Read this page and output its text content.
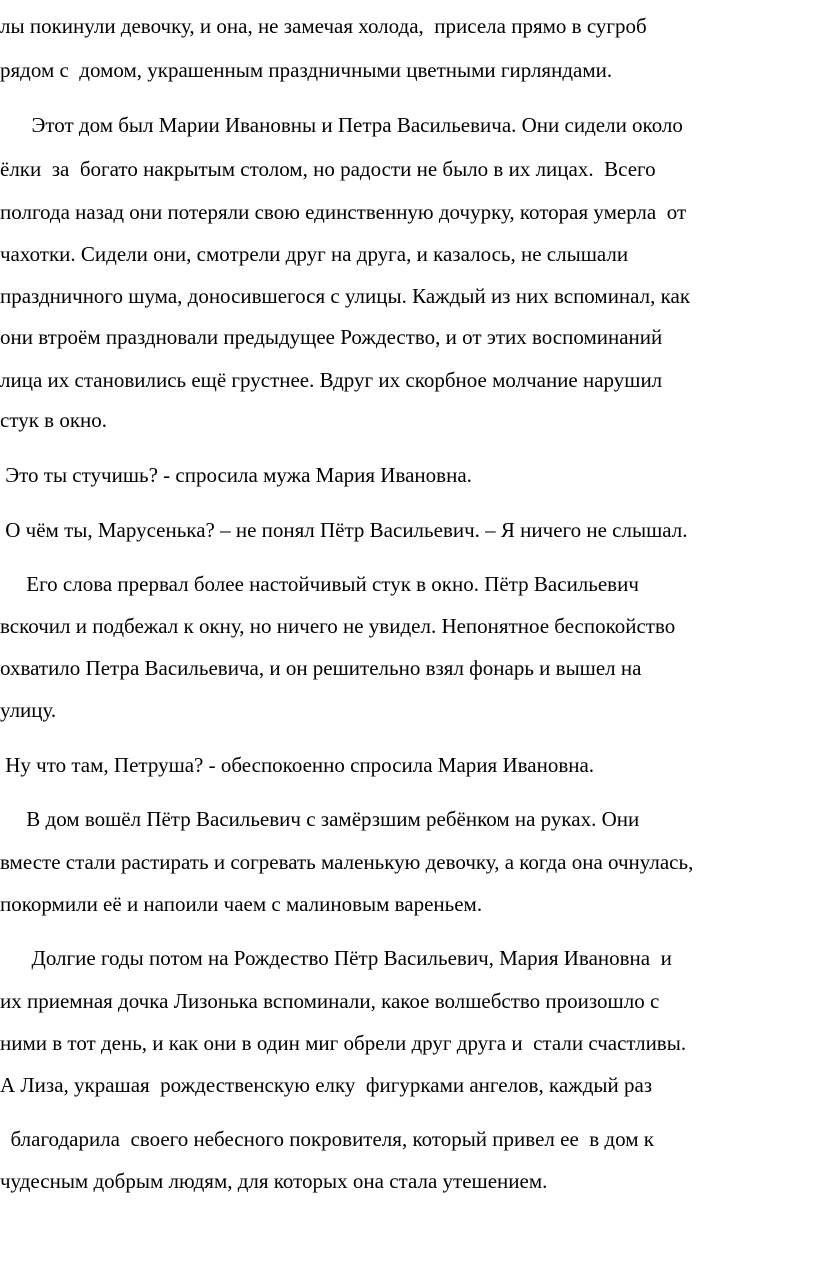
лы покинули девочку, и она, не замечая холода,  присела прямо в сугроб
рядом с  домом, украшенным праздничными цветными гирляндами.
Этот дом был Марии Ивановны и Петра Васильевича. Они сидели около
ёлки  за  богато накрытым столом, но радости не было в их лицах.  Всего
полгода назад они потеряли свою единственную дочурку, которая умерла  от
чахотки. Сидели они, смотрели друг на друга, и казалось, не слышали
праздничного шума, доносившегося с улицы. Каждый из них вспоминал, как
они втроём праздновали предыдущее Рождество, и от этих воспоминаний
лица их становились ещё грустнее. Вдруг их скорбное молчание нарушил
стук в окно.
Это ты стучишь? - спросила мужа Мария Ивановна.
О чём ты, Марусенька? – не понял Пётр Васильевич. – Я ничего не слышал.
Его слова прервал более настойчивый стук в окно. Пётр Васильевич
вскочил и подбежал к окну, но ничего не увидел. Непонятное беспокойство
охватило Петра Васильевича, и он решительно взял фонарь и вышел на
улицу.
Ну что там, Петруша? - обеспокоенно спросила Мария Ивановна.
В дом вошёл Пётр Васильевич с замёрзшим ребёнком на руках. Они
вместе стали растирать и согревать маленькую девочку, а когда она очнулась,
покормили её и напоили чаем с малиновым вареньем.
Долгие годы потом на Рождество Пётр Васильевич, Мария Ивановна  и
их приемная дочка Лизонька вспоминали, какое волшебство произошло с
ними в тот день, и как они в один миг обрели друг друга и  стали счастливы.
А Лиза, украшая  рождественскую елку  фигурками ангелов, каждый раз
благодарила  своего небесного покровителя, который привел ее  в дом к
чудесным добрым людям, для которых она стала утешением.
